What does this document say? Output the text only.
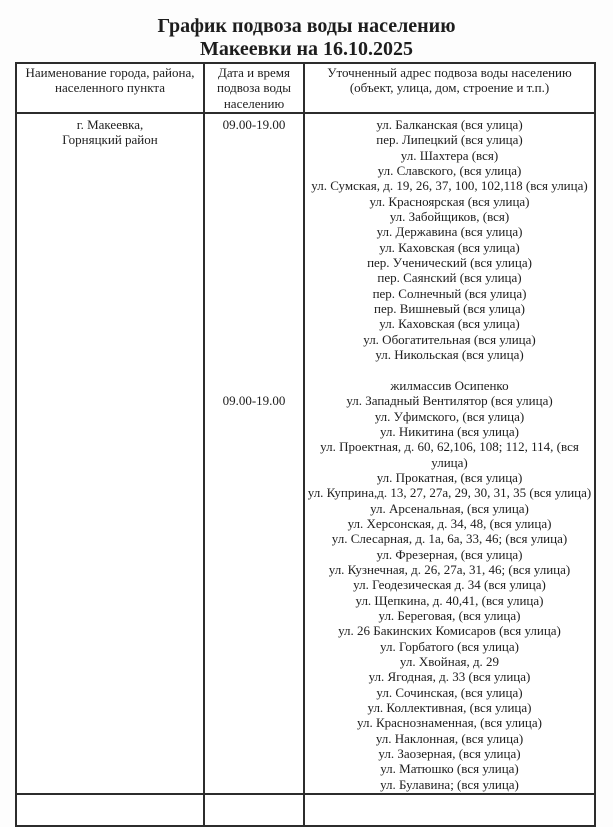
График подвоза воды населению
Макеевки на 16.10.2025
Наименование города, района, населенного пункта
Дата и время подвоза воды населению
Уточненный адрес подвоза воды населению (объект, улица, дом, строение и т.п.)
г. Макеевка,
Горняцкий район
09.00-19.00
09.00-19.00
ул. Балканская (вся улица)
пер. Липецкий (вся улица)
ул. Шахтера (вся)
ул. Славского, (вся улица)
ул. Сумская, д. 19, 26, 37, 100, 102,118 (вся улица)
ул. Красноярская (вся улица)
ул. Забойщиков, (вся)
ул. Державина (вся улица)
ул. Каховская (вся улица)
пер. Ученический (вся улица)
пер. Саянский (вся улица)
пер. Солнечный (вся улица)
пер. Вишневый (вся улица)
ул. Каховская (вся улица)
ул. Обогатительная (вся улица)
ул. Никольская (вся улица)
жилмассив Осипенко
ул. Западный Вентилятор (вся улица)
ул. Уфимского, (вся улица)
ул. Никитина (вся улица)
ул. Проектная, д. 60, 62,106, 108; 112, 114, (вся
улица)
ул. Прокатная, (вся улица)
ул. Куприна,д. 13, 27, 27а, 29, 30, 31, 35 (вся улица)
ул. Арсенальная, (вся улица)
ул. Херсонская, д. 34, 48, (вся улица)
ул. Слесарная, д. 1а, 6а, 33, 46; (вся улица)
ул. Фрезерная, (вся улица)
ул. Кузнечная, д. 26, 27а, 31, 46; (вся улица)
ул. Геодезическая д. 34 (вся улица)
ул. Щепкина, д. 40,41, (вся улица)
ул. Береговая, (вся улица)
ул. 26 Бакинских Комисаров (вся улица)
ул. Горбатого (вся улица)
ул. Хвойная, д. 29
ул. Ягодная, д. 33 (вся улица)
ул. Сочинская, (вся улица)
ул. Коллективная, (вся улица)
ул. Краснознаменная, (вся улица)
ул. Наклонная, (вся улица)
ул. Заозерная, (вся улица)
ул. Матюшко (вся улица)
ул. Булавина; (вся улица)
